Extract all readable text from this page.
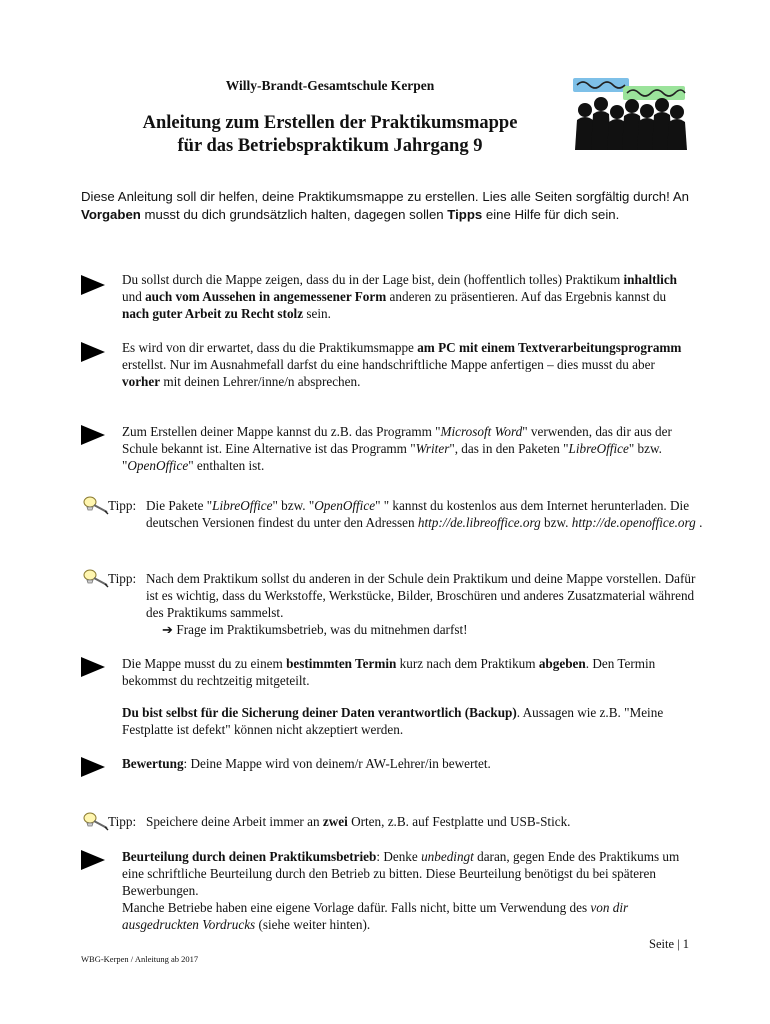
Willy-Brandt-Gesamtschule Kerpen
Anleitung zum Erstellen der Praktikumsmappe
für das Betriebspraktikum Jahrgang 9

Diese Anleitung soll dir helfen, deine Praktikumsmappe zu erstellen. Lies alle Seiten sorgfältig durch! An Vorgaben musst du dich grundsätzlich halten, dagegen sollen Tipps eine Hilfe für dich sein.

Du sollst durch die Mappe zeigen, dass du in der Lage bist, dein (hoffentlich tolles) Praktikum inhaltlich und auch vom Aussehen in angemessener Form anderen zu präsentieren. Auf das Ergebnis kannst du nach guter Arbeit zu Recht stolz sein.

Es wird von dir erwartet, dass du die Praktikumsmappe am PC mit einem Textverarbeitungsprogramm erstellst. Nur im Ausnahmefall darfst du eine handschriftliche Mappe anfertigen – dies musst du aber vorher mit deinen Lehrer/inne/n absprechen.

Zum Erstellen deiner Mappe kannst du z.B. das Programm "Microsoft Word" verwenden, das dir aus der Schule bekannt ist. Eine Alternative ist das Programm "Writer", das in den Paketen "LibreOffice" bzw. "OpenOffice" enthalten ist.

Tipp: Die Pakete "LibreOffice" bzw. "OpenOffice" " kannst du kostenlos aus dem Internet herunterladen. Die deutschen Versionen findest du unter den Adressen http://de.libreoffice.org bzw. http://de.openoffice.org .

Tipp: Nach dem Praktikum sollst du anderen in der Schule dein Praktikum und deine Mappe vorstellen. Dafür ist es wichtig, dass du Werkstoffe, Werkstücke, Bilder, Broschüren und anderes Zusatzmaterial während des Praktikums sammelst.

➔ Frage im Praktikumsbetrieb, was du mitnehmen darfst!

Die Mappe musst du zu einem bestimmten Termin kurz nach dem Praktikum abgeben. Den Termin bekommst du rechtzeitig mitgeteilt.

Du bist selbst für die Sicherung deiner Daten verantwortlich (Backup). Aussagen wie z.B. "Meine Festplatte ist defekt" können nicht akzeptiert werden.

Bewertung: Deine Mappe wird von deinem/r AW-Lehrer/in bewertet.

Tipp: Speichere deine Arbeit immer an zwei Orten, z.B. auf Festplatte und USB-Stick.

Beurteilung durch deinen Praktikumsbetrieb: Denke unbedingt daran, gegen Ende des Praktikums um eine schriftliche Beurteilung durch den Betrieb zu bitten. Diese Beurteilung benötigst du bei späteren Bewerbungen.

Manche Betriebe haben eine eigene Vorlage dafür. Falls nicht, bitte um Verwendung des von dir ausgedruckten Vordrucks (siehe weiter hinten).

Seite | 1
WBG-Kerpen / Anleitung ab 2017
